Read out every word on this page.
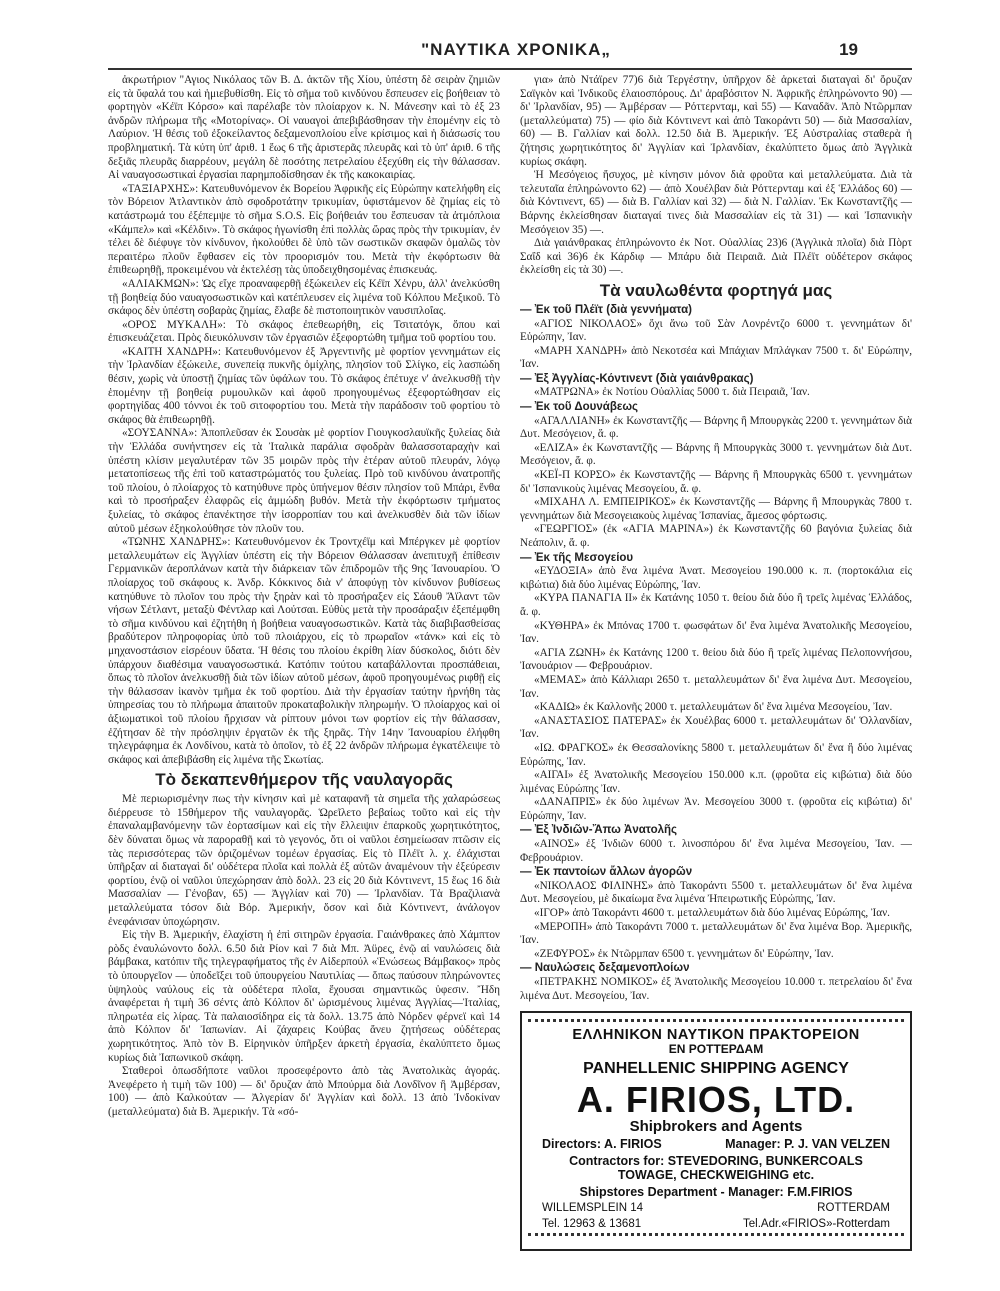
"ΝΑΥΤΙΚΑ ΧΡΟΝΙΚΑ„	19

ἀκρωτήριον "Αγιος Νικόλαος τῶν Β. Δ. ἀκτῶν τῆς Χίου, ὑπέστη δὲ σειρὰν ζημιῶν εἰς τὰ ὕφαλά του καὶ ἡμιεβυθίσθη. Εἰς τὸ σῆμα τοῦ κινδύνου ἔσπευσεν εἰς βοήθειαν τὸ φορτηγὸν «Κέϊπ Κόρσο» καὶ παρέλαβε τὸν πλοίαρχον κ. Ν. Μάνεσην καὶ τὸ ἐξ 23 ἀνδρῶν πλήρωμα τῆς «Μοτορίνας». Οἱ ναυαγοὶ ἀπεβιβάσθησαν τὴν ἑπομένην εἰς τὸ Λαύριον. Ἡ θέσις τοῦ ἐξοκείλαντος δεξαμενοπλοίου εἶνε κρίσιμος καὶ ἡ διάσωσίς του προβληματική. Τὰ κύτη ὑπ' ἀριθ. 1 ἕως 6 τῆς ἀριστερᾶς πλευρᾶς καὶ τὸ ὑπ' ἀριθ. 6 τῆς δεξιᾶς πλευρᾶς διαρρέουν, μεγάλη δὲ ποσότης πετρελαίου ἐξεχύθη εἰς τὴν θάλασσαν. Αἱ ναυαγοσωστικαὶ ἐργασίαι παρημποδίσθησαν ἐκ τῆς κακοκαιρίας.

«ΤΑΞΙΑΡΧΗΣ»: Κατευθυνόμενον ἐκ Βορείου Ἀφρικῆς εἰς Εὐρώπην κατελήφθη εἰς τὸν Βόρειον Ἀτλαντικὸν ἀπὸ σφοδροτάτην τρικυμίαν, ὑφιστάμενον δὲ ζημίας εἰς τὸ κατάστρωμά του ἐξέπεμψε τὸ σῆμα S.O.S. Εἰς βοήθειάν του ἔσπευσαν τὰ ἀτμόπλοια «Κάμπελ» καὶ «Κέλδιν». Τὸ σκάφος ἠγωνίσθη ἐπὶ πολλὰς ὥρας πρὸς τὴν τρικυμίαν, ἐν τέλει δὲ διέφυγε τὸν κίνδυνον, ἠκολούθει δὲ ὑπὸ τῶν σωστικῶν σκαφῶν ὁμαλῶς τὸν περαιτέρω πλοῦν ἔφθασεν εἰς τὸν προορισμόν του. Μετὰ τὴν ἐκφόρτωσιν θὰ ἐπιθεωρηθῇ, προκειμένου νὰ ἐκτελέσῃ τὰς ὑποδειχθησομένας ἐπισκευάς.

«ΑΛΙΑΚΜΩΝ»: Ὡς εἴχε προαναφερθῇ ἐξώκειλεν εἰς Κέϊπ Χένρυ, ἀλλ' ἀνελκύσθη τῇ βοηθείᾳ δύο ναυαγοσωστικῶν καὶ κατέπλευσεν εἰς λιμένα τοῦ Κόλπου Μεξικοῦ. Τὸ σκάφος δὲν ὑπέστη σοβαρὰς ζημίας, ἔλαβε δὲ πιστοποιητικὸν ναυσιπλοΐας.

«ΟΡΟΣ ΜΥΚΑΛΗ»: Τὸ σκάφος ἐπεθεωρήθη, εἰς Τσιτατόγκ, ὅπου καὶ ἐπισκευάζεται. Πρὸς διευκόλυνσιν τῶν ἐργασιῶν ἐξεφορτώθη τμῆμα τοῦ φορτίου του.

«ΚΑΙΤΗ ΧΑΝΔΡΗ»: Κατευθυνόμενον ἐξ Ἀργεντινῆς μὲ φορτίον γεννημάτων εἰς τὴν Ἰρλανδίαν ἐξώκειλε, συνεπείᾳ πυκνῆς ὁμίχλης, πλησίον τοῦ Σλίγκο, εἰς λασπώδη θέσιν, χωρὶς νὰ ὑποστῇ ζημίας τῶν ὑφάλων του. Τὸ σκάφος ἐπέτυχε ν' ἀνελκυσθῇ τὴν ἑπομένην τῇ βοηθείᾳ ρυμουλκῶν καὶ ἀφοῦ προηγουμένως ἐξεφορτώθησαν εἰς φορτηγίδας 400 τόννοι ἐκ τοῦ σιτοφορτίου του. Μετὰ τὴν παράδοσιν τοῦ φορτίου τὸ σκάφος θὰ ἐπιθεωρηθῇ.

«ΣΟΥΣΑΝΝΑ»: Ἀποπλεῦσαν ἐκ Σουσὰκ μὲ φορτίον Γιουγκοσλαυϊκῆς ξυλείας διὰ τὴν Ἑλλάδα συνήντησεν εἰς τὰ Ἰταλικὰ παράλια σφοδρὰν θαλασσοταραχὴν καὶ ὑπέστη κλίσιν μεγαλυτέραν τῶν 35 μοιρῶν πρὸς τὴν ἑτέραν αὐτοῦ πλευράν, λόγῳ μετατοπίσεως τῆς ἐπὶ τοῦ καταστρώματός του ξυλείας. Πρὸ τοῦ κινδύνου ἀνατροπῆς τοῦ πλοίου, ὁ πλοίαρχος τὸ κατηύθυνε πρὸς ὑπήνεμον θέσιν πλησίον τοῦ Μπάρι, ἔνθα καὶ τὸ προσήραξεν ἐλαφρῶς εἰς ἀμμώδη βυθόν. Μετὰ τὴν ἐκφόρτωσιν τμήματος ξυλείας, τὸ σκάφος ἐπανέκτησε τὴν ἰσορροπίαν του καὶ ἀνελκυσθὲν διὰ τῶν ἰδίων αὐτοῦ μέσων ἐξηκολούθησε τὸν πλοῦν του.

«ΤΩΝΗΣ ΧΑΝΔΡΗΣ»: Κατευθυνόμενον ἐκ Τροντχέϊμ καὶ Μπέργκεν μὲ φορτίον μεταλλευμάτων εἰς Ἀγγλίαν ὑπέστη εἰς τὴν Βόρειον Θάλασσαν ἀνεπιτυχῆ ἐπίθεσιν Γερμανικῶν ἀεροπλάνων κατὰ τὴν διάρκειαν τῶν ἐπιδρομῶν τῆς 9ης Ἰανουαρίου. Ὁ πλοίαρχος τοῦ σκάφους κ. Ἀνδρ. Κόκκινος διὰ ν' ἀποφύγῃ τὸν κίνδυνον βυθίσεως κατηύθυνε τὸ πλοῖον του πρὸς τὴν ξηρὰν καὶ τὸ προσήραξεν εἰς Σάουθ Ἄϊλαντ τῶν νήσων Σέτλαντ, μεταξὺ Φέντλαρ καὶ Λούτσαι. Εὐθὺς μετὰ τὴν προσάραξιν ἐξεπέμφθη τὸ σῆμα κινδύνου καὶ ἐζητήθη ἡ βοήθεια ναυαγοσωστικῶν. Κατὰ τὰς διαβιβασθείσας βραδύτερον πληροφορίας ὑπὸ τοῦ πλοιάρχου, εἰς τὸ πρωραῖον «τάνκ» καὶ εἰς τὸ μηχανοστάσιον εἰσρέουν ὕδατα. Ἡ θέσις του πλοίου ἐκρίθη λίαν δύσκολος, διότι δὲν ὑπάρχουν διαθέσιμα ναυαγοσωστικά. Κατόπιν τούτου καταβάλλονται προσπάθειαι, ὅπως τὸ πλοῖον ἀνελκυσθῇ διὰ τῶν ἰδίων αὐτοῦ μέσων, ἀφοῦ προηγουμένως ριφθῇ εἰς τὴν θάλασσαν ἱκανὸν τμῆμα ἐκ τοῦ φορτίου. Διὰ τὴν ἐργασίαν ταύτην ἠρνήθη τὰς ὑπηρεσίας του τὸ πλήρωμα ἀπαιτοῦν προκαταβολικὴν πληρωμήν. Ὁ πλοίαρχος καὶ οἱ ἀξιωματικοὶ τοῦ πλοίου ἤρχισαν νὰ ρίπτουν μόνοι των φορτίον εἰς τὴν θάλασσαν, ἐζήτησαν δὲ τὴν πρόσληψιν ἐργατῶν ἐκ τῆς ξηρᾶς. Τὴν 14ην Ἰανουαρίου ἐλήφθη τηλεγράφημα ἐκ Λονδίνου, κατὰ τὸ ὁποῖον, τὸ ἐξ 22 ἀνδρῶν πλήρωμα ἐγκατέλειψε τὸ σκάφος καὶ ἀπεβιβάσθη εἰς λιμένα τῆς Σκωτίας.

Τὸ δεκαπενθήμερον τῆς ναυλαγορᾶς

Μὲ περιωρισμένην πως τὴν κίνησιν καὶ μὲ καταφανῆ τὰ σημεῖα τῆς χαλαρώσεως διέρρευσε τὸ 15θήμερον τῆς ναυλαγορᾶς. Ὡρεῖλετο βεβαίως τοῦτο καὶ εἰς τὴν ἐπαναλαμβανόμενην τῶν ἑορτασίμων καὶ εἰς τὴν ἔλλειψιν ἐπαρκοῦς χωρητικότητος, δὲν δύναται ὅμως νὰ παροραθῇ καὶ τὸ γεγονός, ὅτι οἱ ναῦλοι ἐσημείωσαν πτῶσιν εἰς τὰς περισσότερας τῶν ὁριζομένων τομέων ἐργασίας. Εἰς τὸ Πλέϊτ λ. χ. ἐλάχισται ὑπῆρξαν αἱ διαταγαὶ δι' οὐδέτερα πλοῖα καὶ πολλὰ ἐξ αὐτῶν ἀναμένουν τὴν ἐξεύρεσιν φορτίου, ἐνῷ οἱ ναῦλοι ὑπεχώρησαν ἀπὸ δολλ. 23 εἰς 20 διὰ Κόντινεντ, 15 ἕως 16 διὰ Μασσαλίαν — Γένοβαν, 65) — Ἀγγλίαν καὶ 70) — Ἰρλανδίαν. Τὰ Βραζιλιανὰ μεταλλεύματα τόσον διὰ Βόρ. Ἀμερικήν, ὅσον καὶ διὰ Κόντινεντ, ἀνάλογον ἐνεφάνισαν ὑποχώρησιν.

Εἰς τὴν Β. Ἀμερικήν, ἐλαχίστη ἡ ἐπὶ σιτηρῶν ἐργασία. Γαιάνθρακες ἀπὸ Χάμπτον ρὸδς ἐναυλώνοντο δολλ. 6.50 διὰ Ρίον καὶ 7 διὰ Μπ. Ἀϋρες, ἐνῷ αἱ ναυλώσεις διὰ βάμβακα, κατόπιν τῆς τηλεγραφήματος τῆς ἐν Αἰδερπούλ «Ἑνώσεως Βάμβακος» πρὸς τὸ ὑπουργεῖον — ὑποδεῖξει τοῦ ὑπουργείου Ναυτιλίας — ὅπως παύσουν πληρώνοντες ὑψηλοὺς ναύλους εἰς τὰ οὐδέτερα πλοῖα, ἔχουσαι σημαντικῶς ὑφεσιν. Ἤδη ἀναφέρεται ἡ τιμὴ 36 σέντς ἀπὸ Κόλπον δι' ὡρισμένους λιμένας Ἀγγλίας—Ἰταλίας, πληρωτέα εἰς λίρας. Τὰ παλαιοσίδηρα εἰς τὰ δολλ. 13.75 ἀπὸ Νόρδεν φέρνεϊ καὶ 14 ἀπὸ Κόλπον δι' Ἰαπωνίαν. Αἱ ζάχαρεις Κούβας ἄνευ ζητήσεως οὐδέτερας χωρητικότητος. Ἀπὸ τὸν Β. Εἰρηνικὸν ὑπῆρξεν ἀρκετὴ ἐργασία, ἐκαλύπτετο ὅμως κυρίως διὰ Ἰαπωνικοῦ σκάφη.

Σταθεροὶ ὁπωσδήποτε ναῦλοι προσεφέροντο ἀπὸ τὰς Ἀνατολικὰς ἀγοράς. Ἀνεφέρετο ἡ τιμὴ τῶν 100) — δι' ὄρυζαν ἀπὸ Μπούρμα διὰ Λονδῖνον ἢ Ἀμβέρσαν, 100) — ἀπὸ Καλκούταν — Ἀλγερίαν δι' Ἀγγλίαν καὶ δολλ. 13 ἀπὸ Ἰνδοκίναν (μεταλλεύματα) διὰ Β. Ἀμερικήν. Τὰ «σό-

για» ἀπὸ Ντάϊρεν 77)6 διὰ Τεργέστην, ὑπῆρχον δὲ ἀρκεταὶ διαταγαὶ δι' ὄρυζαν Σαϊγκὸν καὶ Ἰνδικοῦς ἐλαιοσπόρους. Δι' ἀραβόσιτον Ν. Ἀφρικῆς ἐπληρώνοντο 90) — δι' Ἰρλανδίαν, 95) — Ἀμβέρσαν — Ρόττερνταμ, καὶ 55) — Καναδᾶν. Ἀπὸ Ντῶρμπαν (μεταλλεύματα) 75) — φίο διὰ Κόντινεντ καὶ ἀπὸ Τακοράντι 50) — διὰ Μασσαλίαν, 60) — Β. Γαλλίαν καὶ δολλ. 12.50 διὰ Β. Ἀμερικήν. Ἐξ Αὐστραλίας σταθερὰ ἡ ζήτησις χωρητικότητος δι' Ἀγγλίαν καὶ Ἰρλανδίαν, ἐκαλύπτετο ὅμως ἀπὸ Ἀγγλικὰ κυρίως σκάφη.

Ἡ Μεσόγειος ἥσυχος, μὲ κίνησιν μόνον διὰ φροῦτα καὶ μεταλλεύματα. Διὰ τὰ τελευταῖα ἐπληρώνοντο 62) — ἀπὸ Χουέλβαν διὰ Ρόττερνταμ καὶ ἐξ Ἑλλάδος 60) — διὰ Κόντινεντ, 65) — διὰ Β. Γαλλίαν καὶ 32) — διὰ Ν. Γαλλίαν. Ἐκ Κωνσταντζῆς — Βάρνης ἐκλείσθησαν διαταγαί τινες διὰ Μασσαλίαν εἰς τὰ 31) — καὶ Ἰσπανικὴν Μεσόγειον 35) —.

Διὰ γαιάνθρακας ἐπληρώνοντο ἐκ Νοτ. Οὐαλλίας 23)6 (Ἀγγλικὰ πλοῖα) διὰ Πὸρτ Σαΐδ καὶ 36)6 ἐκ Κάρδιφ — Μπάρυ διὰ Πειραιᾶ. Διὰ Πλέϊτ οὐδέτερον σκάφος ἐκλείσθη εἰς τὰ 30) —.

Τὰ ναυλωθέντα φορτηγά μας
— Ἐκ τοῦ Πλέϊτ (διὰ γεννήματα)

«ΑΓΙΟΣ ΝΙΚΟΛΑΟΣ» ὄχι ἄνω τοῦ Σὰν Λονρέντζο 6000 τ. γεννημάτων δι' Εὐρώπην, Ἰαν.

«ΜΑΡΗ ΧΑΝΔΡΗ» ἀπὸ Νεκοτσέα καὶ Μπάχιαν Μπλάγκαν 7500 τ. δι' Εὐρώπην, Ἰαν.

— Ἐξ Ἀγγλίας-Κόντινεντ (διὰ γαιάνθρακας)

«ΜΑΤΡΩΝΑ» ἐκ Νοτίου Οὐαλλίας 5000 τ. διὰ Πειραιᾶ, Ἰαν.

— Ἐκ τοῦ Δουνάβεως

«ΑΓΑΛΛΙΑΝΗ» ἐκ Κωνσταντζῆς — Βάρνης ἢ Μπουργκὰς 2200 τ. γεννημάτων διὰ Δυτ. Μεσόγειον, ἄ. φ.

«ΕΛΙΖΑ» ἐκ Κωνσταντζῆς — Βάρνης ἢ Μπουργκὰς 3000 τ. γεννημάτων διὰ Δυτ. Μεσόγειον, ἄ. φ.

«ΚΕΪ-Π ΚΟΡΣΟ» ἐκ Κωνσταντζῆς — Βάρνης ἢ Μπουργκὰς 6500 τ. γεννημάτων δι' Ἰσπανικοὺς λιμένας Μεσογείου, ἄ. φ.

«ΜΙΧΑΗΛ Λ. ΕΜΠΕΙΡΙΚΟΣ» ἐκ Κωνσταντζῆς — Βάρνης ἢ Μπουργκὰς 7800 τ. γεννημάτων διὰ Μεσογειακοὺς λιμένας Ἰσπανίας, ἄμεσος φόρτωσις.

«ΓΕΩΡΓΙΟΣ» (ἐκ «ΑΓΙΑ ΜΑΡΙΝΑ») ἐκ Κωνσταντζῆς 60 βαγόνια ξυλείας διὰ Νεάπολιν, ἄ. φ.

— Ἐκ τῆς Μεσογείου

«ΕΥΔΟΞΙΑ» ἀπὸ ἕνα λιμένα Ἀνατ. Μεσογείου 190.000 κ. π. (πορτοκάλια εἰς κιβώτια) διὰ δύο λιμένας Εὐρώπης, Ἰαν.

«ΚΥΡΑ ΠΑΝΑΓΙΑ ΙΙ» ἐκ Κατάνης 1050 τ. θείου διὰ δύο ἢ τρεῖς λιμένας Ἑλλάδος, ἄ. φ.

«ΚΥΘΗΡΑ» ἐκ Μπόνας 1700 τ. φωσφάτων δι' ἕνα λιμένα Ἀνατολικῆς Μεσογείου, Ἰαν.

«ΑΓΙΑ ΖΩΝΗ» ἐκ Κατάνης 1200 τ. θείου διὰ δύο ἢ τρεῖς λιμένας Πελοποννήσου, Ἰανουάριον — Φεβρουάριον.

«ΜΕΜΑΣ» ἀπὸ Κάλλιαρι 2650 τ. μεταλλευμάτων δι' ἕνα λιμένα Δυτ. Μεσογείου, Ἰαν.

«ΚΑΔΙΩ» ἐκ Καλλονῆς 2000 τ. μεταλλευμάτων δι' ἕνα λιμένα Μεσογείου, Ἰαν.

«ΑΝΑΣΤΑΣΙΟΣ ΠΑΤΕΡΑΣ» ἐκ Χουέλβας 6000 τ. μεταλλευμάτων δι' Ὁλλανδίαν, Ἰαν.

«ΙΩ. ΦΡΑΓΚΟΣ» ἐκ Θεσσαλονίκης 5800 τ. μεταλλευμάτων δι' ἕνα ἢ δύο λιμένας Εὐρώπης, Ἰαν.

«ΑΙΓΑΙ» ἐξ Ἀνατολικῆς Μεσογείου 150.000 κ.π. (φροῦτα εἰς κιβώτια) διὰ δύο λιμένας Εὐρώπης Ἰαν.

«ΔΑΝΑΠΡΙΣ» ἐκ δύο λιμένων Ἀν. Μεσογείου 3000 τ. (φροῦτα εἰς κιβώτια) δι' Εὐρώπην, Ἰαν.

— Ἐξ Ἰνδιῶν-Ἄπω Ἀνατολῆς

«ΑΙΝΟΣ» ἐξ Ἰνδιῶν 6000 τ. λινοσπόρου δι' ἕνα λιμένα Μεσογείου, Ἰαν. — Φεβρουάριον.

— Ἐκ παντοίων ἄλλων ἀγορῶν

«ΝΙΚΟΛΑΟΣ ΦΙΛΙΝΗΣ» ἀπὸ Τακοράντι 5500 τ. μεταλλευμάτων δι' ἕνα λιμένα Δυτ. Μεσογείου, μὲ δικαίωμα ἕνα λιμένα Ἠπειρωτικῆς Εὐρώπης, Ἰαν.

«ΙΓΟΡ» ἀπὸ Τακοράντι 4600 τ. μεταλλευμάτων διὰ δύο λιμένας Εὐρώπης, Ἰαν.

«ΜΕΡΟΠΗ» ἀπὸ Τακοράντι 7000 τ. μεταλλευμάτων δι' ἕνα λιμένα Βορ. Ἀμερικῆς, Ἰαν.

«ΖΕΦΥΡΟΣ» ἐκ Ντῶρμπαν 6500 τ. γεννημάτων δι' Εὐρώπην, Ἰαν.

— Ναυλώσεις δεξαμενοπλοίων

«ΠΕΤΡΑΚΗΣ ΝΟΜΙΚΟΣ» ἐξ Ἀνατολικῆς Μεσογείου 10.000 τ. πετρελαίου δι' ἕνα λιμένα Δυτ. Μεσογείου, Ἰαν.

ΕΛΛΗΝΙΚΟΝ ΝΑΥΤΙΚΟΝ ΠΡΑΚΤΟΡΕΙΟΝ
ΕΝ ΡΟΤΤΕΡΔΑΜ
PANHELLENIC SHIPPING AGENCY
A. FIRIOS, LTD.
Shipbrokers and Agents
Directors: A. FIRIOS	Manager: P. J. VAN VELZEN
Contractors for: STEVEDORING, BUNKERCOALS
TOWAGE, CHECKWEIGHING etc.
Shipstores Department - Manager: F.M.FIRIOS
WILLEMSPLEIN 14	ROTTERDAM
Tel. 12963 & 13681	Tel.Adr.«FIRIOS»-Rotterdam
